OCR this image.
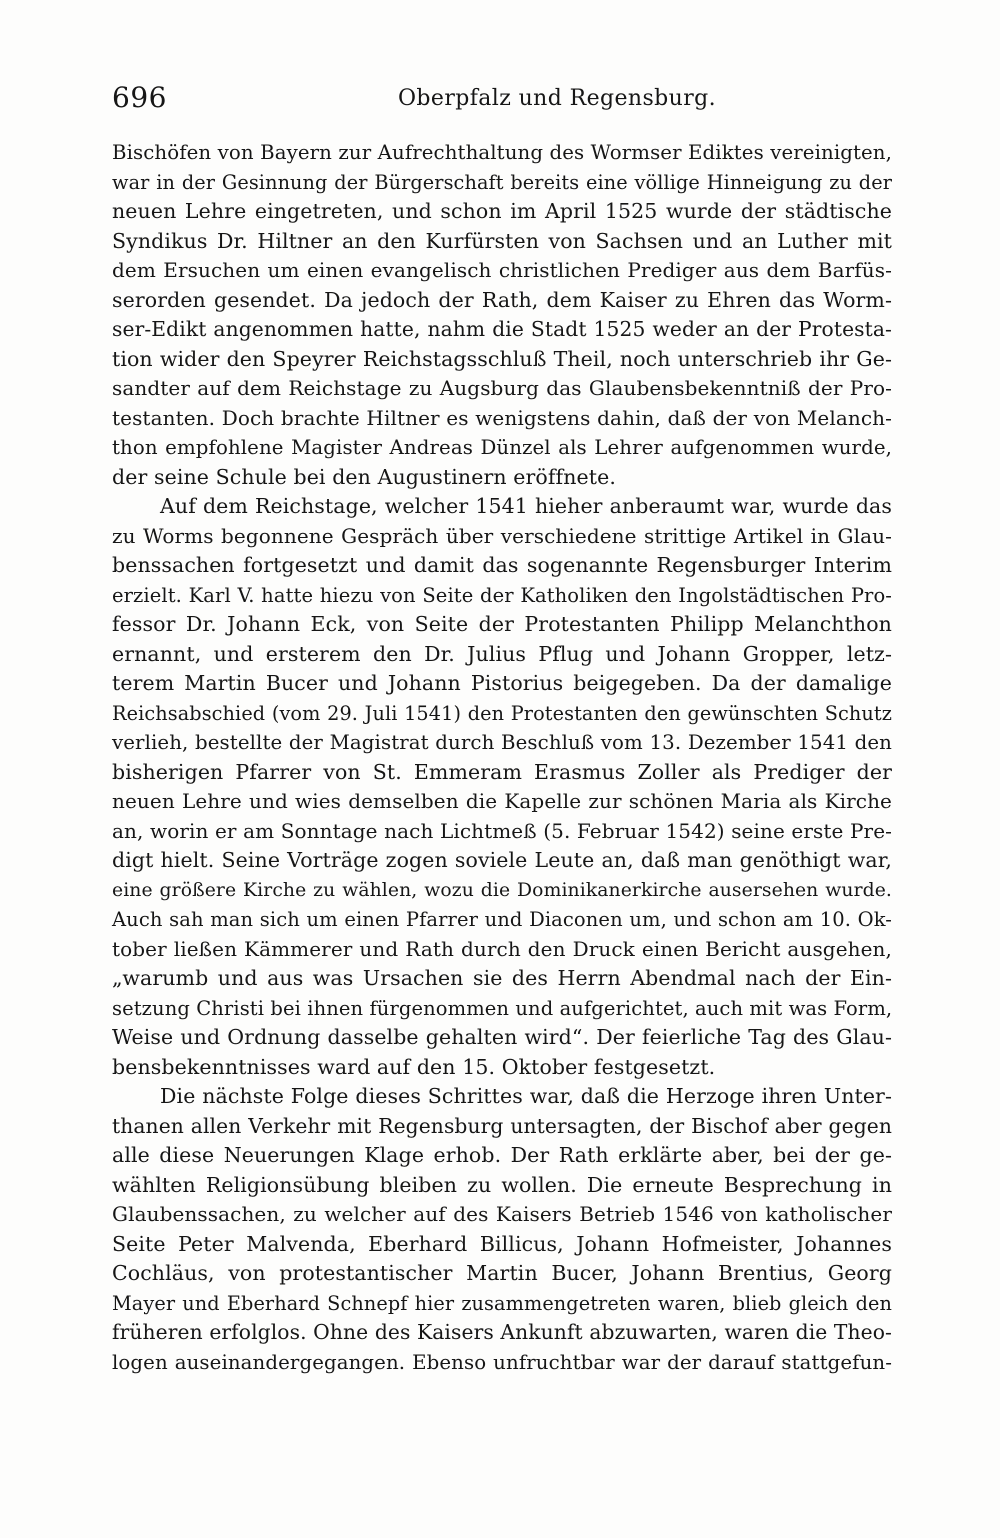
696	Oberpfalz und Regensburg.
Bischöfen von Bayern zur Aufrechthaltung des Wormser Ediktes vereinigten,
war in der Gesinnung der Bürgerschaft bereits eine völlige Hinneigung zu der
neuen Lehre eingetreten, und schon im April 1525 wurde der städtische
Syndikus Dr. Hiltner an den Kurfürsten von Sachsen und an Luther mit
dem Ersuchen um einen evangelisch christlichen Prediger aus dem Barfüs-
serorden gesendet. Da jedoch der Rath, dem Kaiser zu Ehren das Worm-
ser-Edikt angenommen hatte, nahm die Stadt 1525 weder an der Protesta-
tion wider den Speyrer Reichstagsschluß Theil, noch unterschrieb ihr Ge-
sandter auf dem Reichstage zu Augsburg das Glaubensbekenntniß der Pro-
testanten. Doch brachte Hiltner es wenigstens dahin, daß der von Melanch-
thon empfohlene Magister Andreas Dünzel als Lehrer aufgenommen wurde,
der seine Schule bei den Augustinern eröffnete.
Auf dem Reichstage, welcher 1541 hieher anberaumt war, wurde das
zu Worms begonnene Gespräch über verschiedene strittige Artikel in Glau-
benssachen fortgesetzt und damit das sogenannte Regensburger Interim
erzielt. Karl V. hatte hiezu von Seite der Katholiken den Ingolstädtischen Pro-
fessor Dr. Johann Eck, von Seite der Protestanten Philipp Melanchthon
ernannt, und ersterem den Dr. Julius Pflug und Johann Gropper, letz-
terem Martin Bucer und Johann Pistorius beigegeben. Da der damalige
Reichsabschied (vom 29. Juli 1541) den Protestanten den gewünschten Schutz
verlieh, bestellte der Magistrat durch Beschluß vom 13. Dezember 1541 den
bisherigen Pfarrer von St. Emmeram Erasmus Zoller als Prediger der
neuen Lehre und wies demselben die Kapelle zur schönen Maria als Kirche
an, worin er am Sonntage nach Lichtmeß (5. Februar 1542) seine erste Pre-
digt hielt. Seine Vorträge zogen soviele Leute an, daß man genöthigt war,
eine größere Kirche zu wählen, wozu die Dominikanerkirche ausersehen wurde.
Auch sah man sich um einen Pfarrer und Diaconen um, und schon am 10. Ok-
tober ließen Kämmerer und Rath durch den Druck einen Bericht ausgehen,
„warumb und aus was Ursachen sie des Herrn Abendmal nach der Ein-
setzung Christi bei ihnen fürgenommen und aufgerichtet, auch mit was Form,
Weise und Ordnung dasselbe gehalten wird“. Der feierliche Tag des Glau-
bensbekenntnisses ward auf den 15. Oktober festgesetzt.
Die nächste Folge dieses Schrittes war, daß die Herzoge ihren Unter-
thanen allen Verkehr mit Regensburg untersagten, der Bischof aber gegen
alle diese Neuerungen Klage erhob. Der Rath erklärte aber, bei der ge-
wählten Religionsübung bleiben zu wollen. Die erneute Besprechung in
Glaubenssachen, zu welcher auf des Kaisers Betrieb 1546 von katholischer
Seite Peter Malvenda, Eberhard Billicus, Johann Hofmeister, Johannes
Cochläus, von protestantischer Martin Bucer, Johann Brentius, Georg
Mayer und Eberhard Schnepf hier zusammengetreten waren, blieb gleich den
früheren erfolglos. Ohne des Kaisers Ankunft abzuwarten, waren die Theo-
logen auseinandergegangen. Ebenso unfruchtbar war der darauf stattgefun-
